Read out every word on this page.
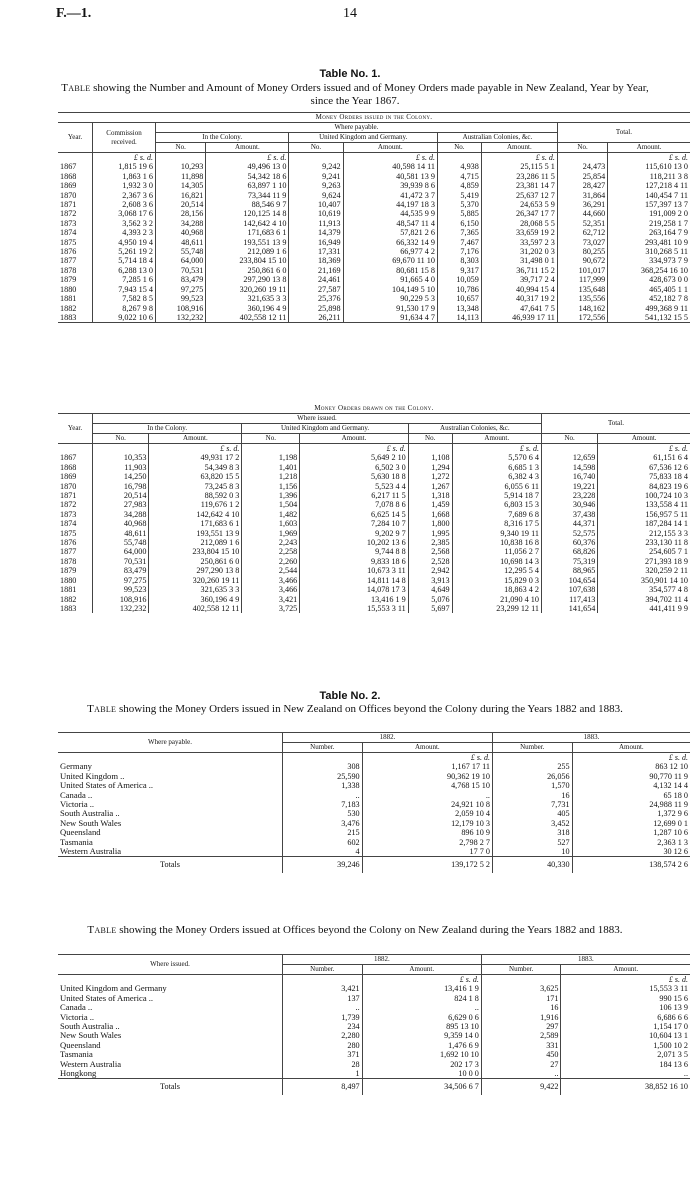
F.—1.	14
Table No. 1.
Table showing the Number and Amount of Money Orders issued and of Money Orders made payable in New Zealand, Year by Year, since the Year 1867.
Money Orders issued in the Colony.									
Year.	Commission received.	Where payable.						Total.	
		In the Colony.		United Kingdom and Germany.		Australian Colonies, &c.			
		No.	Amount.	No.	Amount.	No.	Amount.	No.	Amount.
	£ s. d.		£ s. d.		£ s. d.		£ s. d.		£ s. d.
1867	1,815 19 6	10,293	49,496 13 0	9,242	40,598 14 11	4,938	25,115 5 1	24,473	115,610 13 0
1868	1,863 1 6	11,898	54,342 18 6	9,241	40,581 13 9	4,715	23,286 11 5	25,854	118,211 3 8
1869	1,932 3 0	14,305	63,897 1 10	9,263	39,939 8 6	4,859	23,381 14 7	28,427	127,218 4 11
1870	2,367 3 6	16,821	73,344 11 9	9,624	41,472 3 7	5,419	25,637 12 7	31,864	140,454 7 11
1871	2,608 3 6	20,514	88,546 9 7	10,407	44,197 18 3	5,370	24,653 5 9	36,291	157,397 13 7
1872	3,068 17 6	28,156	120,125 14 8	10,619	44,535 9 9	5,885	26,347 17 7	44,660	191,009 2 0
1873	3,562 3 2	34,288	142,642 4 10	11,913	48,547 11 4	6,150	28,068 5 5	52,351	219,258 1 7
1874	4,393 2 3	40,968	171,683 6 1	14,379	57,821 2 6	7,365	33,659 19 2	62,712	263,164 7 9
1875	4,950 19 4	48,611	193,551 13 9	16,949	66,332 14 9	7,467	33,597 2 3	73,027	293,481 10 9
1876	5,261 19 2	55,748	212,089 1 6	17,331	66,977 4 2	7,176	31,202 0 3	80,255	310,268 5 11
1877	5,714 18 4	64,000	233,804 15 10	18,369	69,670 11 10	8,303	31,498 0 1	90,672	334,973 7 9
1878	6,288 13 0	70,531	250,861 6 0	21,169	80,681 15 8	9,317	36,711 15 2	101,017	368,254 16 10
1879	7,285 1 6	83,479	297,290 13 8	24,461	91,665 4 0	10,059	39,717 2 4	117,999	428,673 0 0
1880	7,943 15 4	97,275	320,260 19 11	27,587	104,149 5 10	10,786	40,994 15 4	135,648	465,405 1 1
1881	7,582 8 5	99,523	321,635 3 3	25,376	90,229 5 3	10,657	40,317 19 2	135,556	452,182 7 8
1882	8,267 9 8	108,916	360,196 4 9	25,898	91,530 17 9	13,348	47,641 7 5	148,162	499,368 9 11
1883	9,022 10 6	132,232	402,558 12 11	26,211	91,634 4 7	14,113	46,939 17 11	172,556	541,132 15 5
Money Orders drawn on the Colony.								
Year.	Where issued.						Total.	
	In the Colony.		United Kingdom and Germany.		Australian Colonies, &c.			
	No.	Amount.	No.	Amount.	No.	Amount.	No.	Amount.
		£ s. d.		£ s. d.		£ s. d.		£ s. d.
1867	10,353	49,931 17 2	1,198	5,649 2 10	1,108	5,570 6 4	12,659	61,151 6 4
1868	11,903	54,349 8 3	1,401	6,502 3 0	1,294	6,685 1 3	14,598	67,536 12 6
1869	14,250	63,820 15 5	1,218	5,630 18 8	1,272	6,382 4 3	16,740	75,833 18 4
1870	16,798	73,245 8 3	1,156	5,523 4 4	1,267	6,055 6 11	19,221	84,823 19 6
1871	20,514	88,592 0 3	1,396	6,217 11 5	1,318	5,914 18 7	23,228	100,724 10 3
1872	27,983	119,676 1 2	1,504	7,078 8 6	1,459	6,803 15 3	30,946	133,558 4 11
1873	34,288	142,642 4 10	1,482	6,625 14 5	1,668	7,689 6 8	37,438	156,957 5 11
1874	40,968	171,683 6 1	1,603	7,284 10 7	1,800	8,316 17 5	44,371	187,284 14 1
1875	48,611	193,551 13 9	1,969	9,202 9 7	1,995	9,340 19 11	52,575	212,155 3 3
1876	55,748	212,089 1 6	2,243	10,202 13 6	2,385	10,838 16 8	60,376	233,130 11 8
1877	64,000	233,804 15 10	2,258	9,744 8 8	2,568	11,056 2 7	68,826	254,605 7 1
1878	70,531	250,861 6 0	2,260	9,833 18 6	2,528	10,698 14 3	75,319	271,393 18 9
1879	83,479	297,290 13 8	2,544	10,673 3 11	2,942	12,295 5 4	88,965	320,259 2 11
1880	97,275	320,260 19 11	3,466	14,811 14 8	3,913	15,829 0 3	104,654	350,901 14 10
1881	99,523	321,635 3 3	3,466	14,078 17 3	4,649	18,863 4 2	107,638	354,577 4 8
1882	108,916	360,196 4 9	3,421	13,416 1 9	5,076	21,090 4 10	117,413	394,702 11 4
1883	132,232	402,558 12 11	3,725	15,553 3 11	5,697	23,299 12 11	141,654	441,411 9 9
Table No. 2.
Table showing the Money Orders issued in New Zealand on Offices beyond the Colony during the Years 1882 and 1883.
Where payable.	1882.		1883.	
	Number.	Amount.	Number.	Amount.
		£ s. d.		£ s. d.
Germany	308	1,167 17 11	255	863 12 10
United Kingdom ..	25,590	90,362 19 10	26,056	90,770 11 9
United States of America ..	1,338	4,768 15 10	1,570	4,132 14 4
Canada ..	..	..	16	65 18 0
Victoria ..	7,183	24,921 10 8	7,731	24,988 11 9
South Australia ..	530	2,059 10 4	405	1,372 9 6
New South Wales	3,476	12,179 10 3	3,452	12,699 0 1
Queensland	215	896 10 9	318	1,287 10 6
Tasmania	602	2,798 2 7	527	2,363 1 3
Western Australia	4	17 7 0	10	30 12 6
Totals	39,246	139,172 5 2	40,330	138,574 2 6
Table showing the Money Orders issued at Offices beyond the Colony on New Zealand during the Years 1882 and 1883.
Where issued.	1882.		1883.	
	Number.	Amount.	Number.	Amount.
		£ s. d.		£ s. d.
United Kingdom and Germany	3,421	13,416 1 9	3,625	15,553 3 11
United States of America ..	137	824 1 8	171	990 15 6
Canada ..	..	..	16	106 13 9
Victoria ..	1,739	6,629 0 6	1,916	6,686 6 6
South Australia ..	234	895 13 10	297	1,154 17 0
New South Wales	2,280	9,359 14 0	2,589	10,604 13 1
Queensland	280	1,476 6 9	331	1,500 10 2
Tasmania	371	1,692 10 10	450	2,071 3 5
Western Australia	28	202 17 3	27	184 13 6
Hongkong	1	10 0 0	..	..
Totals	8,497	34,506 6 7	9,422	38,852 16 10
